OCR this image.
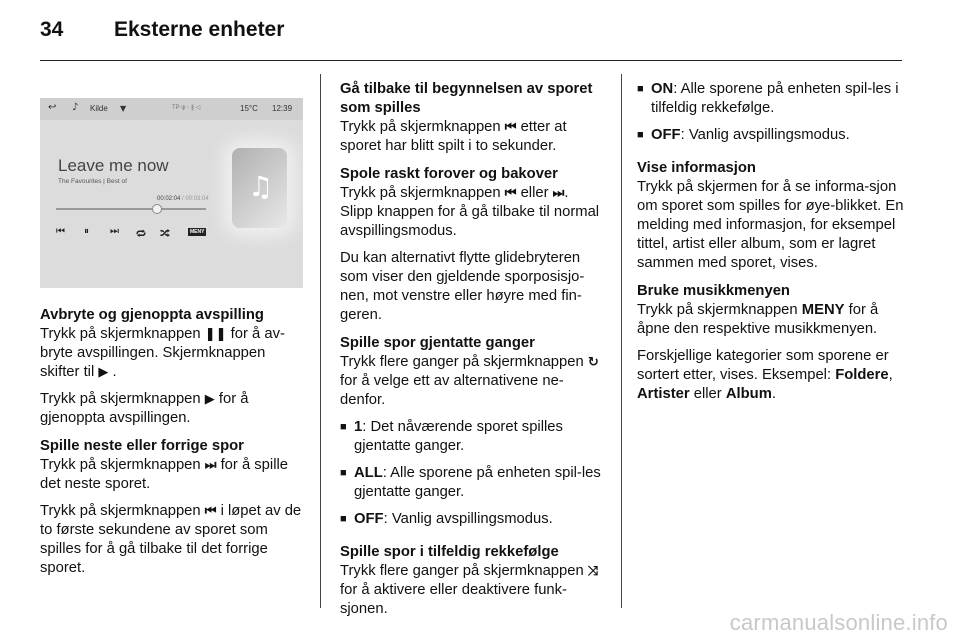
34 Eksterne enheter
↩ ♪ Kilde ▼	TP ψ ◦ ∦ ◁	15°C 12:39
Leave me now
The Favourites | Best of
00:02:04 / 00:03:04 ♫
⏮ ⏸ ⏭ 🔁︎ 🔀︎	MENY
Avbryte og gjenoppta avspilling

Trykk på skjermknappen ❚❚ for å av-bryte avspillingen. Skjermknappen skifter til ▶ .

Trykk på skjermknappen ▶ for å gjenoppta avspillingen.

Spille neste eller forrige spor

Trykk på skjermknappen ⏭ for å spille det neste sporet.

Trykk på skjermknappen ⏮ i løpet av de to første sekundene av sporet som spilles for å gå tilbake til det forrige sporet.

Gå tilbake til begynnelsen av sporet som spilles

Trykk på skjermknappen ⏮ etter at sporet har blitt spilt i to sekunder.

Spole raskt forover og bakover

Trykk på skjermknappen ⏮ eller ⏭. Slipp knappen for å gå tilbake til normal avspillingsmodus.

Du kan alternativt flytte glidebryteren som viser den gjeldende sporposisjo-nen, mot venstre eller høyre med fin-geren.

Spille spor gjentatte ganger

Trykk flere ganger på skjermknappen ↻ for å velge ett av alternativene ne-denfor.

■ 1: Det nåværende sporet spilles gjentatte ganger.
■ ALL: Alle sporene på enheten spil-les gjentatte ganger.
■ OFF: Vanlig avspillingsmodus.
Spille spor i tilfeldig rekkefølge

Trykk flere ganger på skjermknappen ⤨ for å aktivere eller deaktivere funk-sjonen.

■ ON: Alle sporene på enheten spil-les i tilfeldig rekkefølge.
■ OFF: Vanlig avspillingsmodus.
Vise informasjon

Trykk på skjermen for å se informa-sjon om sporet som spilles for øye-blikket. En melding med informasjon, for eksempel tittel, artist eller album, som er lagret sammen med sporet, vises.

Bruke musikkmenyen

Trykk på skjermknappen MENY for å åpne den respektive musikkmenyen.

Forskjellige kategorier som sporene er sortert etter, vises. Eksempel: Foldere, Artister eller Album.

carmanualsonline.info
